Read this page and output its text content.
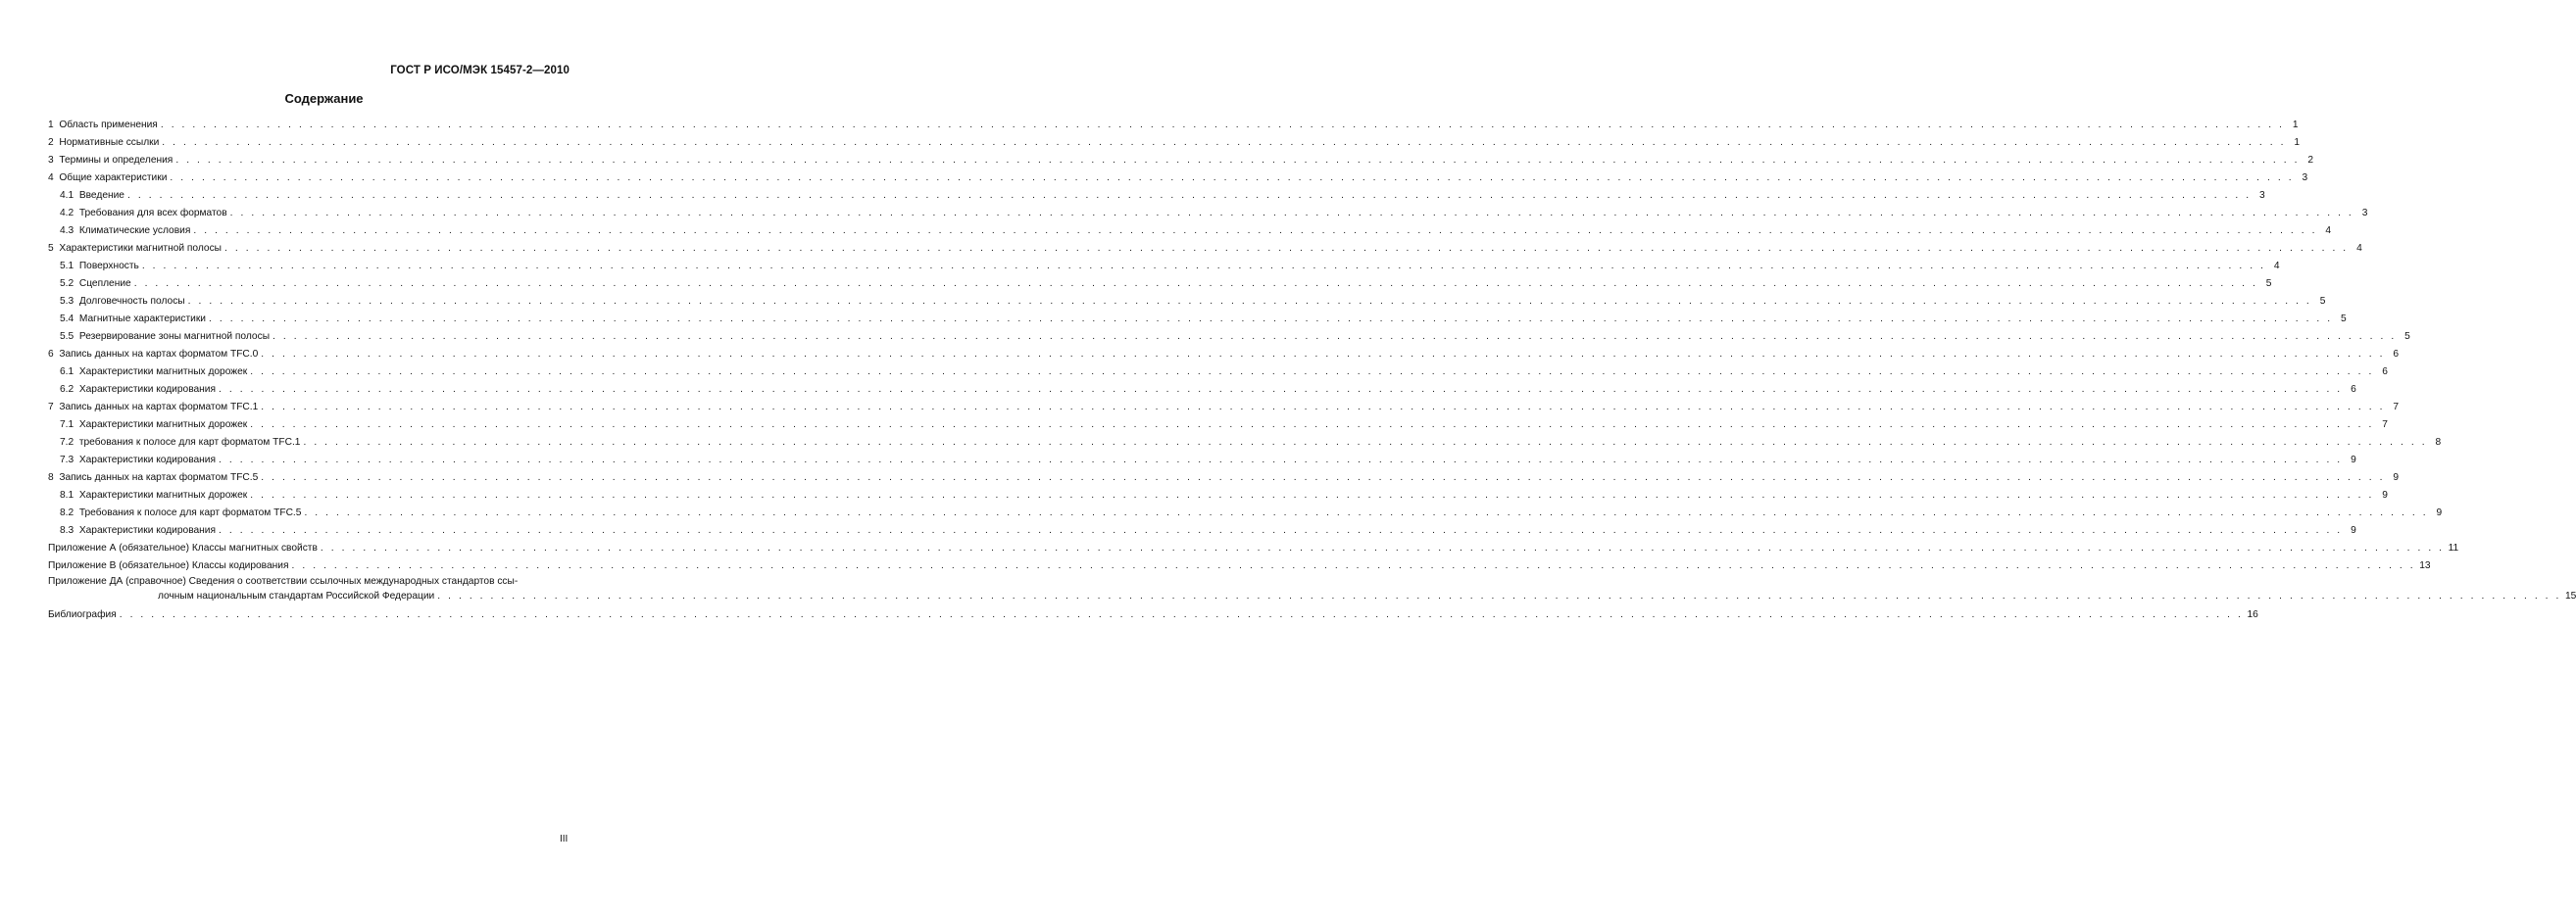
ГОСТ Р ИСО/МЭК 15457-2—2010
Содержание
1
Область применения . . . . . . . . . . . . . . . . . . . . . . . . . . . . . . . . . . . . . . . . . . . . . . . . . . . . . . . . . . . . . . . . . . . . . . . . . . . . . . . . . . . . . . . . . . . . . . . . . . . . . . . . . . . . . . . . . . . . . . . . . . . . . . . . . . . . . . . . . . . . . . . . . . . . . . . . . . . . . . . . . . . . . . . . . . . . . . . . . . . . . . . . . . . . . . . . . . . . . . . . 1
2
Нормативные ссылки . . . . . . . . . . . . . . . . . . . . . . . . . . . . . . . . . . . . . . . . . . . . . . . . . . . . . . . . . . . . . . . . . . . . . . . . . . . . . . . . . . . . . . . . . . . . . . . . . . . . . . . . . . . . . . . . . . . . . . . . . . . . . . . . . . . . . . . . . . . . . . . . . . . . . . . . . . . . . . . . . . . . . . . . . . . . . . . . . . . . . . . . . . . . . . . . . . . . . . . . 1
3
Термины и определения . . . . . . . . . . . . . . . . . . . . . . . . . . . . . . . . . . . . . . . . . . . . . . . . . . . . . . . . . . . . . . . . . . . . . . . . . . . . . . . . . . . . . . . . . . . . . . . . . . . . . . . . . . . . . . . . . . . . . . . . . . . . . . . . . . . . . . . . . . . . . . . . . . . . . . . . . . . . . . . . . . . . . . . . . . . . . . . . . . . . . . . . . . . . . . . . . . . . . . . . 2
4
Общие характеристики . . . . . . . . . . . . . . . . . . . . . . . . . . . . . . . . . . . . . . . . . . . . . . . . . . . . . . . . . . . . . . . . . . . . . . . . . . . . . . . . . . . . . . . . . . . . . . . . . . . . . . . . . . . . . . . . . . . . . . . . . . . . . . . . . . . . . . . . . . . . . . . . . . . . . . . . . . . . . . . . . . . . . . . . . . . . . . . . . . . . . . . . . . . . . . . . . . . . . . . . 3
4.1
Введение . . . . . . . . . . . . . . . . . . . . . . . . . . . . . . . . . . . . . . . . . . . . . . . . . . . . . . . . . . . . . . . . . . . . . . . . . . . . . . . . . . . . . . . . . . . . . . . . . . . . . . . . . . . . . . . . . . . . . . . . . . . . . . . . . . . . . . . . . . . . . . . . . . . . . . . . . . . . . . . . . . . . . . . . . . . . . . . . . . . . . . . . . . . . . . . . . . . . . . . . 3
4.2
Требования для всех форматов . . . . . . . . . . . . . . . . . . . . . . . . . . . . . . . . . . . . . . . . . . . . . . . . . . . . . . . . . . . . . . . . . . . . . . . . . . . . . . . . . . . . . . . . . . . . . . . . . . . . . . . . . . . . . . . . . . . . . . . . . . . . . . . . . . . . . . . . . . . . . . . . . . . . . . . . . . . . . . . . . . . . . . . . . . . . . . . . . . . . . . . . . . . . . . . . . . . . . . . . 3
4.3
Климатические условия . . . . . . . . . . . . . . . . . . . . . . . . . . . . . . . . . . . . . . . . . . . . . . . . . . . . . . . . . . . . . . . . . . . . . . . . . . . . . . . . . . . . . . . . . . . . . . . . . . . . . . . . . . . . . . . . . . . . . . . . . . . . . . . . . . . . . . . . . . . . . . . . . . . . . . . . . . . . . . . . . . . . . . . . . . . . . . . . . . . . . . . . . . . . . . . . . . . . . . . . 4
5
Характеристики магнитной полосы . . . . . . . . . . . . . . . . . . . . . . . . . . . . . . . . . . . . . . . . . . . . . . . . . . . . . . . . . . . . . . . . . . . . . . . . . . . . . . . . . . . . . . . . . . . . . . . . . . . . . . . . . . . . . . . . . . . . . . . . . . . . . . . . . . . . . . . . . . . . . . . . . . . . . . . . . . . . . . . . . . . . . . . . . . . . . . . . . . . . . . . . . . . . . . . . . . . . . . . . 4
5.1
Поверхность . . . . . . . . . . . . . . . . . . . . . . . . . . . . . . . . . . . . . . . . . . . . . . . . . . . . . . . . . . . . . . . . . . . . . . . . . . . . . . . . . . . . . . . . . . . . . . . . . . . . . . . . . . . . . . . . . . . . . . . . . . . . . . . . . . . . . . . . . . . . . . . . . . . . . . . . . . . . . . . . . . . . . . . . . . . . . . . . . . . . . . . . . . . . . . . . . . . . . . . . 4
5.2
Сцепление . . . . . . . . . . . . . . . . . . . . . . . . . . . . . . . . . . . . . . . . . . . . . . . . . . . . . . . . . . . . . . . . . . . . . . . . . . . . . . . . . . . . . . . . . . . . . . . . . . . . . . . . . . . . . . . . . . . . . . . . . . . . . . . . . . . . . . . . . . . . . . . . . . . . . . . . . . . . . . . . . . . . . . . . . . . . . . . . . . . . . . . . . . . . . . . . . . . . . . . . 5
5.3
Долговечность полосы . . . . . . . . . . . . . . . . . . . . . . . . . . . . . . . . . . . . . . . . . . . . . . . . . . . . . . . . . . . . . . . . . . . . . . . . . . . . . . . . . . . . . . . . . . . . . . . . . . . . . . . . . . . . . . . . . . . . . . . . . . . . . . . . . . . . . . . . . . . . . . . . . . . . . . . . . . . . . . . . . . . . . . . . . . . . . . . . . . . . . . . . . . . . . . . . . . . . . . . . 5
5.4
Магнитные характеристики . . . . . . . . . . . . . . . . . . . . . . . . . . . . . . . . . . . . . . . . . . . . . . . . . . . . . . . . . . . . . . . . . . . . . . . . . . . . . . . . . . . . . . . . . . . . . . . . . . . . . . . . . . . . . . . . . . . . . . . . . . . . . . . . . . . . . . . . . . . . . . . . . . . . . . . . . . . . . . . . . . . . . . . . . . . . . . . . . . . . . . . . . . . . . . . . . . . . . . . . 5
5.5
Резервирование зоны магнитной полосы . . . . . . . . . . . . . . . . . . . . . . . . . . . . . . . . . . . . . . . . . . . . . . . . . . . . . . . . . . . . . . . . . . . . . . . . . . . . . . . . . . . . . . . . . . . . . . . . . . . . . . . . . . . . . . . . . . . . . . . . . . . . . . . . . . . . . . . . . . . . . . . . . . . . . . . . . . . . . . . . . . . . . . . . . . . . . . . . . . . . . . . . . . . . . . . . . . . . . . . . 5
6
Запись данных на картах форматом TFC.0 . . . . . . . . . . . . . . . . . . . . . . . . . . . . . . . . . . . . . . . . . . . . . . . . . . . . . . . . . . . . . . . . . . . . . . . . . . . . . . . . . . . . . . . . . . . . . . . . . . . . . . . . . . . . . . . . . . . . . . . . . . . . . . . . . . . . . . . . . . . . . . . . . . . . . . . . . . . . . . . . . . . . . . . . . . . . . . . . . . . . . . . . . . . . . . . . . . . . . . . . 6
6.1
Характеристики магнитных дорожек . . . . . . . . . . . . . . . . . . . . . . . . . . . . . . . . . . . . . . . . . . . . . . . . . . . . . . . . . . . . . . . . . . . . . . . . . . . . . . . . . . . . . . . . . . . . . . . . . . . . . . . . . . . . . . . . . . . . . . . . . . . . . . . . . . . . . . . . . . . . . . . . . . . . . . . . . . . . . . . . . . . . . . . . . . . . . . . . . . . . . . . . . . . . . . . . . . . . . . . . 6
6.2
Характеристики кодирования . . . . . . . . . . . . . . . . . . . . . . . . . . . . . . . . . . . . . . . . . . . . . . . . . . . . . . . . . . . . . . . . . . . . . . . . . . . . . . . . . . . . . . . . . . . . . . . . . . . . . . . . . . . . . . . . . . . . . . . . . . . . . . . . . . . . . . . . . . . . . . . . . . . . . . . . . . . . . . . . . . . . . . . . . . . . . . . . . . . . . . . . . . . . . . . . . . . . . . . . 6
7
Запись данных на картах форматом TFC.1 . . . . . . . . . . . . . . . . . . . . . . . . . . . . . . . . . . . . . . . . . . . . . . . . . . . . . . . . . . . . . . . . . . . . . . . . . . . . . . . . . . . . . . . . . . . . . . . . . . . . . . . . . . . . . . . . . . . . . . . . . . . . . . . . . . . . . . . . . . . . . . . . . . . . . . . . . . . . . . . . . . . . . . . . . . . . . . . . . . . . . . . . . . . . . . . . . . . . . . . . 7
7.1
Характеристики магнитных дорожек . . . . . . . . . . . . . . . . . . . . . . . . . . . . . . . . . . . . . . . . . . . . . . . . . . . . . . . . . . . . . . . . . . . . . . . . . . . . . . . . . . . . . . . . . . . . . . . . . . . . . . . . . . . . . . . . . . . . . . . . . . . . . . . . . . . . . . . . . . . . . . . . . . . . . . . . . . . . . . . . . . . . . . . . . . . . . . . . . . . . . . . . . . . . . . . . . . . . . . . . 7
7.2
требования к полосе для карт форматом TFC.1 . . . . . . . . . . . . . . . . . . . . . . . . . . . . . . . . . . . . . . . . . . . . . . . . . . . . . . . . . . . . . . . . . . . . . . . . . . . . . . . . . . . . . . . . . . . . . . . . . . . . . . . . . . . . . . . . . . . . . . . . . . . . . . . . . . . . . . . . . . . . . . . . . . . . . . . . . . . . . . . . . . . . . . . . . . . . . . . . . . . . . . . . . . . . . . . . . . . . . . . . 8
7.3
Характеристики кодирования . . . . . . . . . . . . . . . . . . . . . . . . . . . . . . . . . . . . . . . . . . . . . . . . . . . . . . . . . . . . . . . . . . . . . . . . . . . . . . . . . . . . . . . . . . . . . . . . . . . . . . . . . . . . . . . . . . . . . . . . . . . . . . . . . . . . . . . . . . . . . . . . . . . . . . . . . . . . . . . . . . . . . . . . . . . . . . . . . . . . . . . . . . . . . . . . . . . . . . . . 9
8
Запись данных на картах форматом TFC.5 . . . . . . . . . . . . . . . . . . . . . . . . . . . . . . . . . . . . . . . . . . . . . . . . . . . . . . . . . . . . . . . . . . . . . . . . . . . . . . . . . . . . . . . . . . . . . . . . . . . . . . . . . . . . . . . . . . . . . . . . . . . . . . . . . . . . . . . . . . . . . . . . . . . . . . . . . . . . . . . . . . . . . . . . . . . . . . . . . . . . . . . . . . . . . . . . . . . . . . . . 9
8.1
Характеристики магнитных дорожек . . . . . . . . . . . . . . . . . . . . . . . . . . . . . . . . . . . . . . . . . . . . . . . . . . . . . . . . . . . . . . . . . . . . . . . . . . . . . . . . . . . . . . . . . . . . . . . . . . . . . . . . . . . . . . . . . . . . . . . . . . . . . . . . . . . . . . . . . . . . . . . . . . . . . . . . . . . . . . . . . . . . . . . . . . . . . . . . . . . . . . . . . . . . . . . . . . . . . . . . 9
8.2
Требования к полосе для карт форматом TFC.5 . . . . . . . . . . . . . . . . . . . . . . . . . . . . . . . . . . . . . . . . . . . . . . . . . . . . . . . . . . . . . . . . . . . . . . . . . . . . . . . . . . . . . . . . . . . . . . . . . . . . . . . . . . . . . . . . . . . . . . . . . . . . . . . . . . . . . . . . . . . . . . . . . . . . . . . . . . . . . . . . . . . . . . . . . . . . . . . . . . . . . . . . . . . . . . . . . . . . . . . . 9
8.3
Характеристики кодирования . . . . . . . . . . . . . . . . . . . . . . . . . . . . . . . . . . . . . . . . . . . . . . . . . . . . . . . . . . . . . . . . . . . . . . . . . . . . . . . . . . . . . . . . . . . . . . . . . . . . . . . . . . . . . . . . . . . . . . . . . . . . . . . . . . . . . . . . . . . . . . . . . . . . . . . . . . . . . . . . . . . . . . . . . . . . . . . . . . . . . . . . . . . . . . . . . . . . . . . . 9
Приложение А (обязательное) Классы магнитных свойств . . . . . . . . . . . . . . . . . . . . . . . . . . . . . . . . . . . . . . . . . . . . . . . . . . . . . . . . . . . . . . . . . . . . . . . . . . . . . . . . . . . . . . . . . . . . . . . . . . . . . . . . . . . . . . . . . . . . . . . . . . . . . . . . . . . . . . . . . . . . . . . . . . . . . . . . . . . . . . . . . . . . . . . . . . . . . . . . . . . . . . . . . . . . . . . . . . . . . . . . 11
Приложение В (обязательное) Классы кодирования . . . . . . . . . . . . . . . . . . . . . . . . . . . . . . . . . . . . . . . . . . . . . . . . . . . . . . . . . . . . . . . . . . . . . . . . . . . . . . . . . . . . . . . . . . . . . . . . . . . . . . . . . . . . . . . . . . . . . . . . . . . . . . . . . . . . . . . . . . . . . . . . . . . . . . . . . . . . . . . . . . . . . . . . . . . . . . . . . . . . . . . . . . . . . . . . . . . . . . . . 13
Приложение ДА (справочное) Сведения о соответствии ссылочных международных стандартов ссы-
лочным национальным стандартам Российской Федерации . . . . . . . . . . . . . . . . . . . . . . . . . . . . . . . . . . . . . . . . . . . . . . . . . . . . . . . . . . . . . . . . . . . . . . . . . . . . . . . . . . . . . . . . . . . . . . . . . . . . . . . . . . . . . . . . . . . . . . . . . . . . . . . . . . . . . . . . . . . . . . . . . . . . . . . . . . . . . . . . . . . . . . . . . . . . . . . . . . . . . . . . . . . . . . . . . . . . . . . . 15
Библиография . . . . . . . . . . . . . . . . . . . . . . . . . . . . . . . . . . . . . . . . . . . . . . . . . . . . . . . . . . . . . . . . . . . . . . . . . . . . . . . . . . . . . . . . . . . . . . . . . . . . . . . . . . . . . . . . . . . . . . . . . . . . . . . . . . . . . . . . . . . . . . . . . . . . . . . . . . . . . . . . . . . . . . . . . . . . . . . . . . . . . . . . . . . . . . . . . . . . . . . . 16
III
